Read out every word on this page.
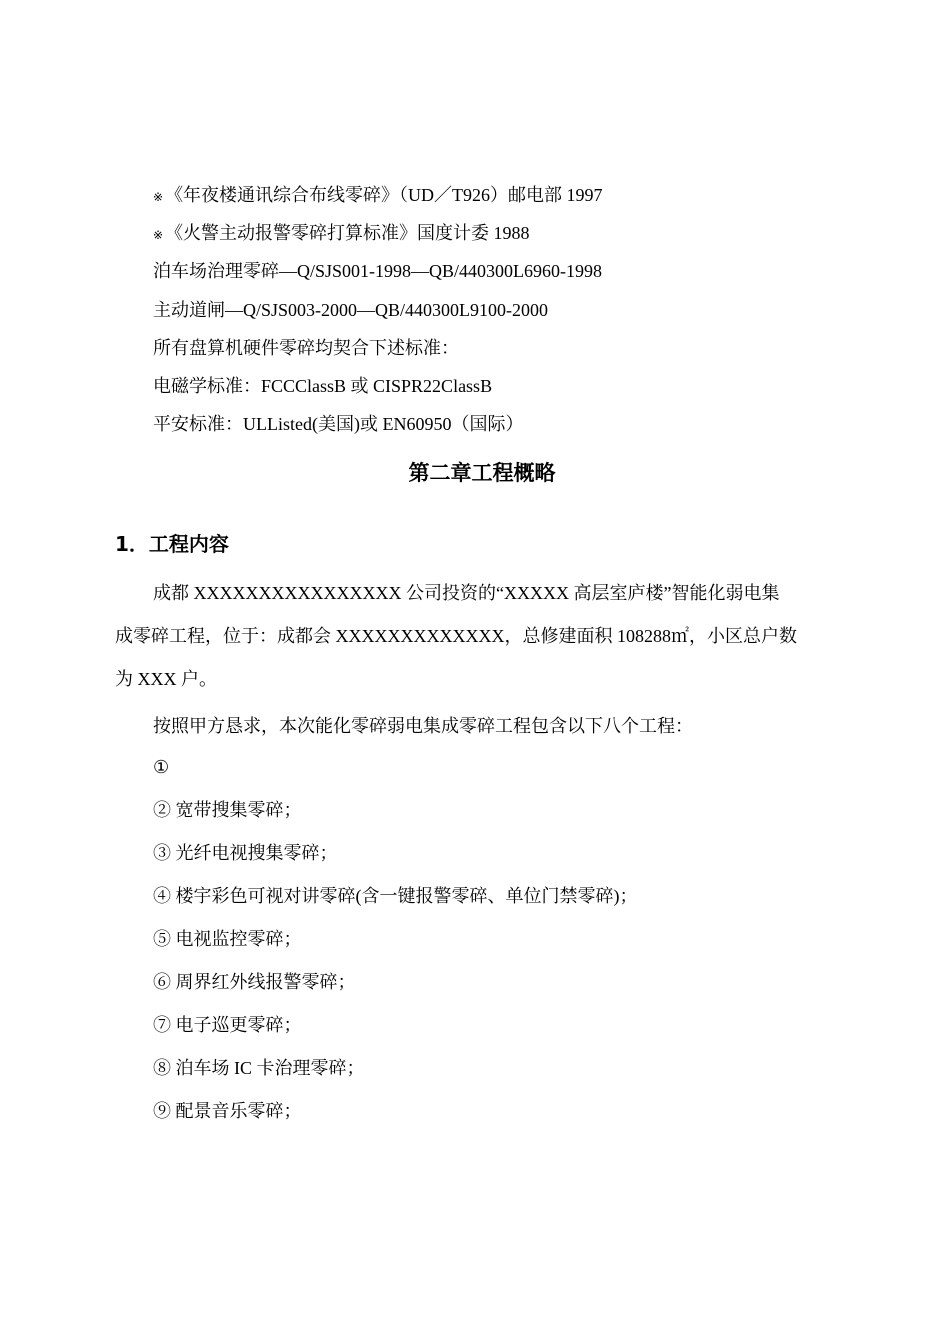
※ 《年夜楼通讯综合布线零碎》（UD／T926）邮电部 1997
※ 《火警主动报警零碎打算标准》国度计委 1988
泊车场治理零碎—Q/SJS001-1998—QB/440300L6960-1998
主动道闸—Q/SJS003-2000—QB/440300L9100-2000
所有盘算机硬件零碎均契合下述标准：
电磁学标准：FCCClassB 或 CISPR22ClassB
平安标准：ULListed(美国)或 EN60950（国际）
第二章工程概略
1．工程内容
成都 XXXXXXXXXXXXXXXX 公司投资的“XXXXX 高层室庐楼”智能化弱电集
成零碎工程，位于：成都会 XXXXXXXXXXXXX，总修建面积 108288㎡，小区总户数
为 XXX 户。
按照甲方恳求，本次能化零碎弱电集成零碎工程包含以下八个工程：
①
② 宽带搜集零碎；
③ 光纤电视搜集零碎；
④ 楼宇彩色可视对讲零碎(含一键报警零碎、单位门禁零碎)；
⑤ 电视监控零碎；
⑥ 周界红外线报警零碎；
⑦ 电子巡更零碎；
⑧ 泊车场 IC 卡治理零碎；
⑨ 配景音乐零碎；
